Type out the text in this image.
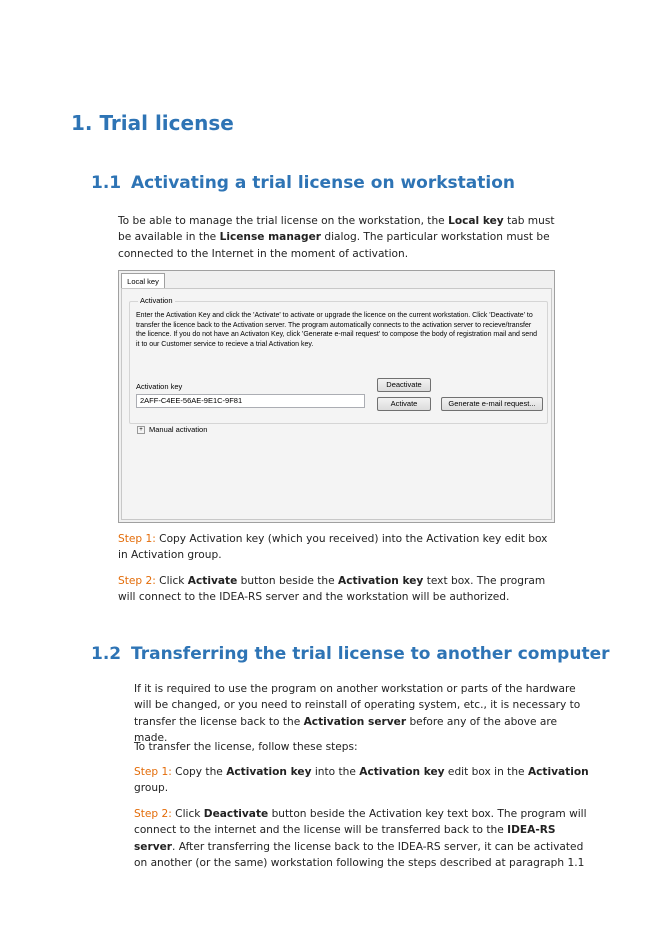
1. Trial license
1.1 Activating a trial license on workstation

To be able to manage the trial license on the workstation, the Local key tab must be available in the License manager dialog. The particular workstation must be connected to the Internet in the moment of activation.

Local key
Activation
Enter the Activation Key and click the 'Activate' to activate or upgrade the licence on the current workstation. Click 'Deactivate' to transfer the licence back to the Activation server. The program automatically connects to the activation server to recieve/transfer the licence. If you do not have an Activaton Key, click 'Generate e-mail request' to compose the body of registration mail and send it to our Customer service to recieve a trial Activation key.
Activation key
2AFF-C4EE-56AE-9E1C-9F81
Deactivate
Activate	Generate e-mail request...
+ Manual activation

Step 1: Copy Activation key (which you received) into the Activation key edit box in Activation group.

Step 2: Click Activate button beside the Activation key text box. The program will connect to the IDEA-RS server and the workstation will be authorized.

1.2 Transferring the trial license to another computer

If it is required to use the program on another workstation or parts of the hardware will be changed, or you need to reinstall of operating system, etc., it is necessary to transfer the license back to the Activation server before any of the above are made.

To transfer the license, follow these steps:

Step 1: Copy the Activation key into the Activation key edit box in the Activation group.

Step 2: Click Deactivate button beside the Activation key text box. The program will connect to the internet and the license will be transferred back to the IDEA-RS server. After transferring the license back to the IDEA-RS server, it can be activated on another (or the same) workstation following the steps described at paragraph 1.1
